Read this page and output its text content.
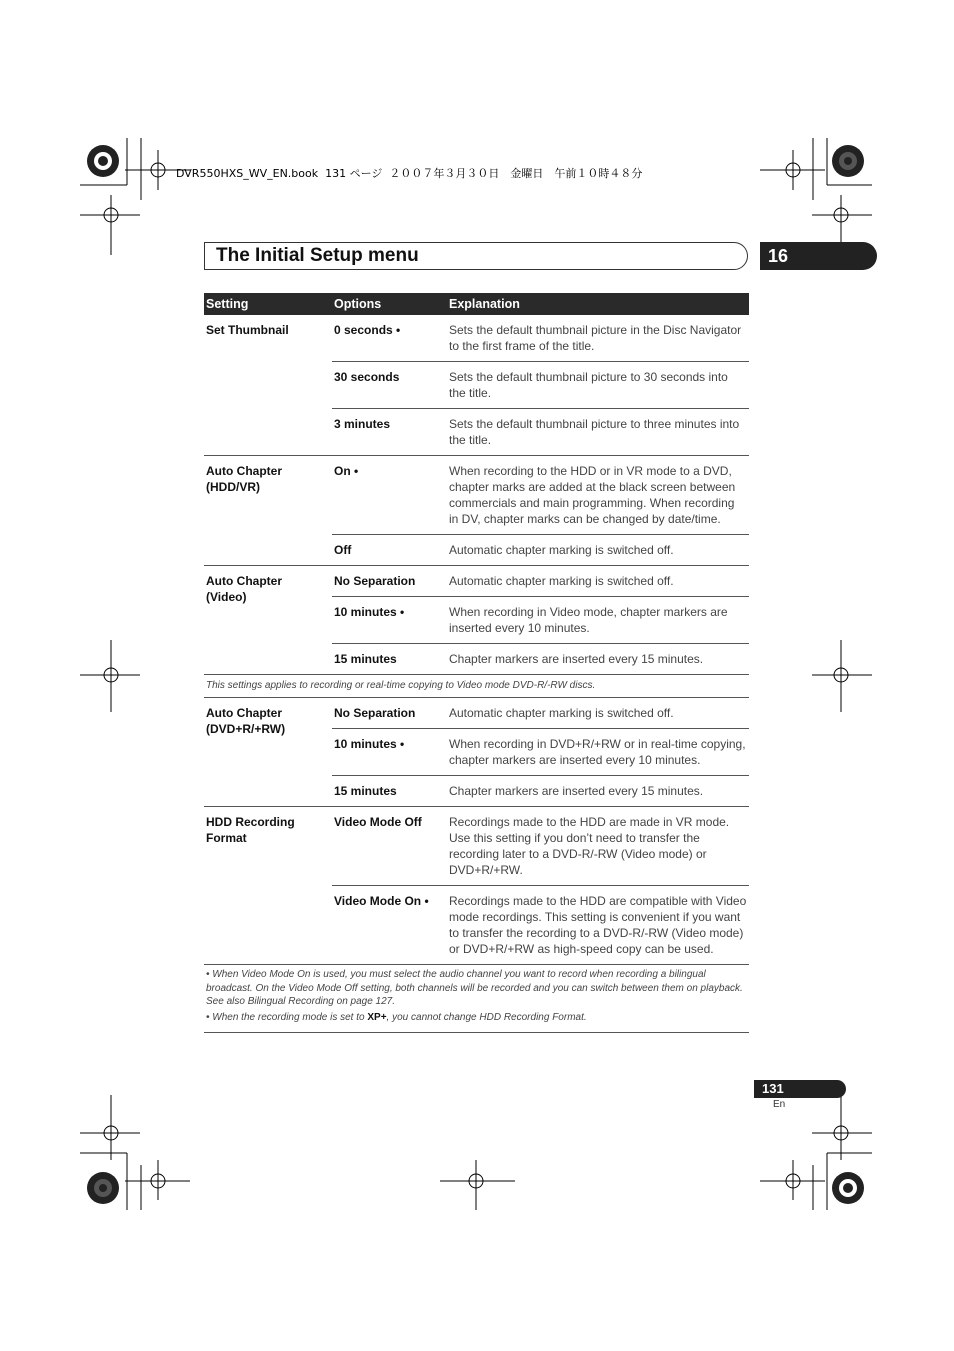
DVR550HXS_WV_EN.book  131 ページ  ２００７年３月３０日　金曜日　午前１０時４８分
The Initial Setup menu	16
Setting	Options	Explanation
Set Thumbnail	0 seconds •	Sets the default thumbnail picture in the Disc Navigator to the first frame of the title.
	30 seconds	Sets the default thumbnail picture to 30 seconds into the title.
	3 minutes	Sets the default thumbnail picture to three minutes into the title.

Auto Chapter
(HDD/VR)	On •	When recording to the HDD or in VR mode to a DVD, chapter marks are added at the black screen between commercials and main programming. When recording in DV, chapter marks can be changed by date/time.
	Off	Automatic chapter marking is switched off.

Auto Chapter
(Video)	No Separation	Automatic chapter marking is switched off.
	10 minutes •	When recording in Video mode, chapter markers are inserted every 10 minutes.
	15 minutes	Chapter markers are inserted every 15 minutes.
This settings applies to recording or real-time copying to Video mode DVD-R/-RW discs.		

Auto Chapter
(DVD+R/+RW)	No Separation	Automatic chapter marking is switched off.
	10 minutes •	When recording in DVD+R/+RW or in real-time copying, chapter markers are inserted every 10 minutes.
	15 minutes	Chapter markers are inserted every 15 minutes.

HDD Recording
Format	Video Mode Off	Recordings made to the HDD are made in VR mode. Use this setting if you don’t need to transfer the recording later to a DVD-R/-RW (Video mode) or DVD+R/+RW.
	Video Mode On •	Recordings made to the HDD are compatible with Video mode recordings. This setting is convenient if you want to transfer the recording to a DVD-R/-RW (Video mode) or DVD+R/+RW as high-speed copy can be used.

• When Video Mode On is used, you must select the audio channel you want to record when recording a bilingual broadcast. On the Video Mode Off setting, both channels will be recorded and you can switch between them on playback. See also Bilingual Recording on page 127.
• When the recording mode is set to XP+, you cannot change HDD Recording Format.		
131
En
